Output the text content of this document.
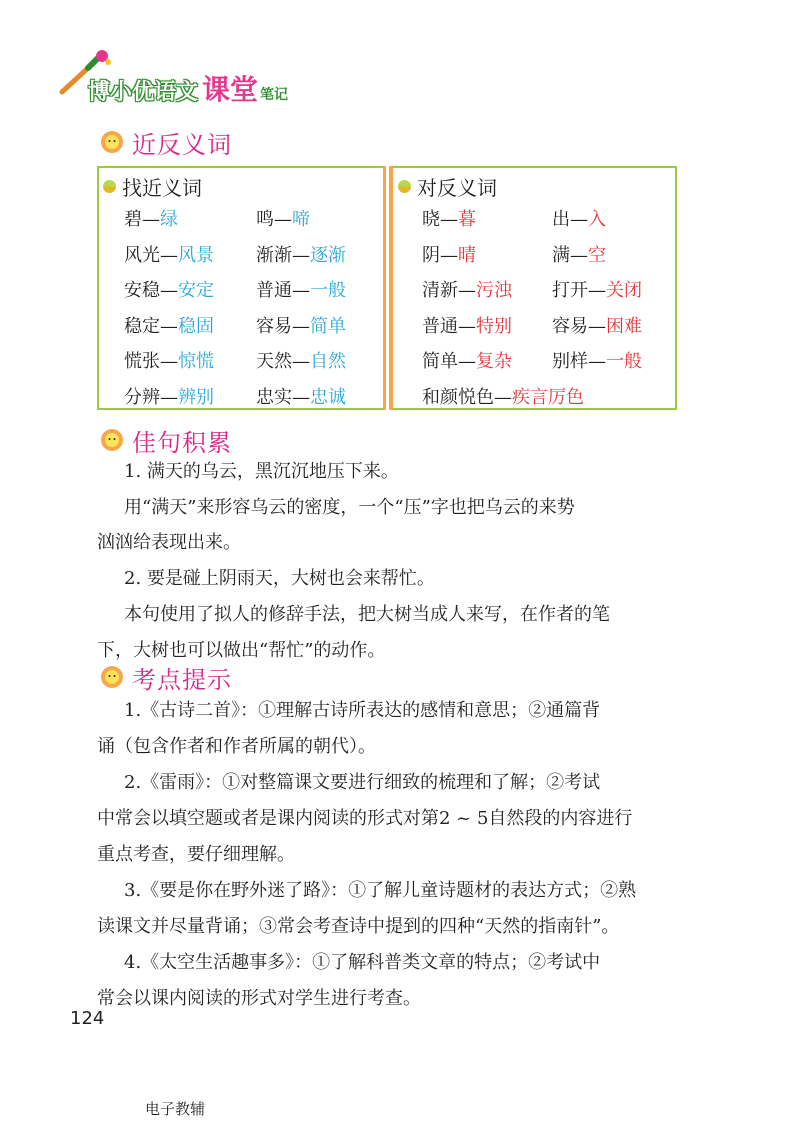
博小优语文 课堂 笔记
近反义词
找近义词	对反义词
碧—绿	鸣—啼
风光—风景 渐渐—逐渐
安稳—安定 普通—一般
稳定—稳固 容易—简单
慌张—惊慌 天然—自然
分辨—辨别 忠实—忠诚
晓—暮	出—入
阴—晴	满—空
清新—污浊 打开—关闭
普通—特别 容易—困难
简单—复杂 别样—一般
和颜悦色—疾言厉色
佳句积累

1. 满天的乌云，黑沉沉地压下来。

用“满天”来形容乌云的密度，一个“压”字也把乌云的来势

汹汹给表现出来。

2. 要是碰上阴雨天，大树也会来帮忙。

本句使用了拟人的修辞手法，把大树当成人来写，在作者的笔

下，大树也可以做出“帮忙”的动作。

考点提示

1.《古诗二首》：①理解古诗所表达的感情和意思；②通篇背

诵（包含作者和作者所属的朝代）。

2.《雷雨》：①对整篇课文要进行细致的梳理和了解；②考试

中常会以填空题或者是课内阅读的形式对第2 ~ 5自然段的内容进行

重点考查，要仔细理解。

3.《要是你在野外迷了路》：①了解儿童诗题材的表达方式；②熟

读课文并尽量背诵；③常会考查诗中提到的四种“天然的指南针”。

4.《太空生活趣事多》：①了解科普类文章的特点；②考试中

常会以课内阅读的形式对学生进行考查。

124
电子教辅
